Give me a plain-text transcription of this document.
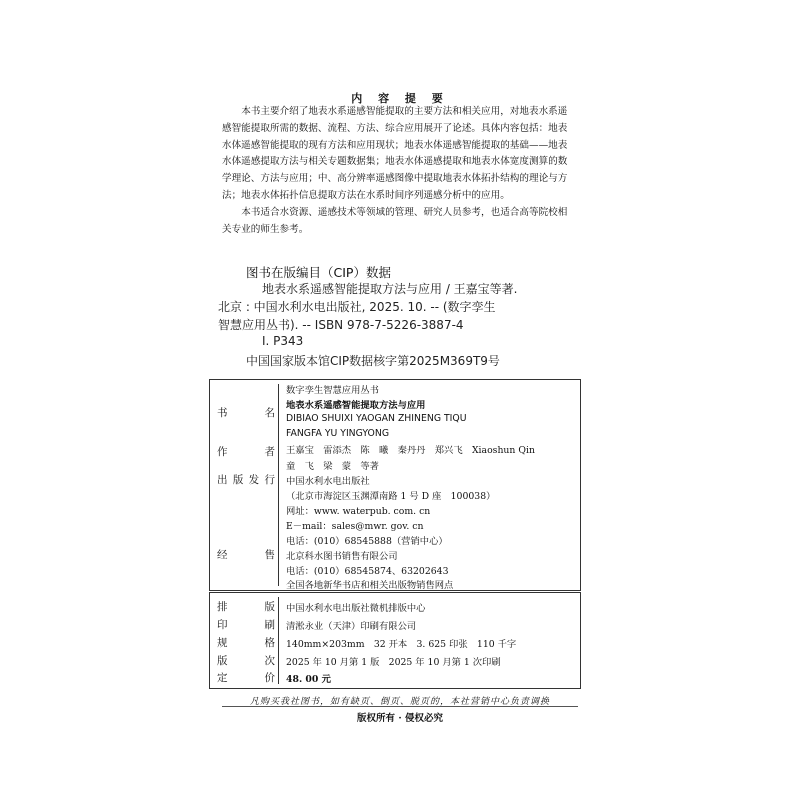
内 容 提 要
本书主要介绍了地表水系遥感智能提取的主要方法和相关应用，对地表水系遥
感智能提取所需的数据、流程、方法、综合应用展开了论述。具体内容包括：地表
水体遥感智能提取的现有方法和应用现状；地表水体遥感智能提取的基础——地表
水体遥感提取方法与相关专题数据集；地表水体遥感提取和地表水体宽度测算的数
学理论、方法与应用；中、高分辨率遥感图像中提取地表水体拓扑结构的理论与方
法；地表水体拓扑信息提取方法在水系时间序列遥感分析中的应用。
本书适合水资源、遥感技术等领域的管理、研究人员参考，也适合高等院校相
关专业的师生参考。
图书在版编目（CIP）数据
地表水系遥感智能提取方法与应用 / 王嘉宝等著.
北京 : 中国水利水电出版社, 2025. 10. -- (数字孪生
智慧应用丛书). -- ISBN 978-7-5226-3887-4
Ⅰ. P343
中国国家版本馆CIP数据核字第2025M369T9号
数字孪生智慧应用丛书
书　名
地表水系遥感智能提取方法与应用
DIBIAO SHUIXI YAOGAN ZHINENG TIQU
FANGFA YU YINGYONG
作　者 王嘉宝　雷添杰　陈　曦　秦丹丹　郑兴飞　Xiaoshun Qin
童　飞　梁　蒙　等著
出版发行 中国水利水电出版社
（北京市海淀区玉渊潭南路 1 号 D 座　100038）
网址：www. waterpub. com. cn
E－mail：sales@mwr. gov. cn
电话：(010）68545888（营销中心）
经　售 北京科水图书销售有限公司
电话：(010）68545874、63202643
全国各地新华书店和相关出版物销售网点
排　版 中国水利水电出版社微机排版中心
印　刷 清淞永业（天津）印刷有限公司
规　格 140mm×203mm　32 开本　3. 625 印张　110 千字
版　次 2025 年 10 月第 1 版　2025 年 10 月第 1 次印刷
定　价 48. 00 元
凡购买我社图书，如有缺页、倒页、脱页的，本社营销中心负责调换
版权所有 · 侵权必究
